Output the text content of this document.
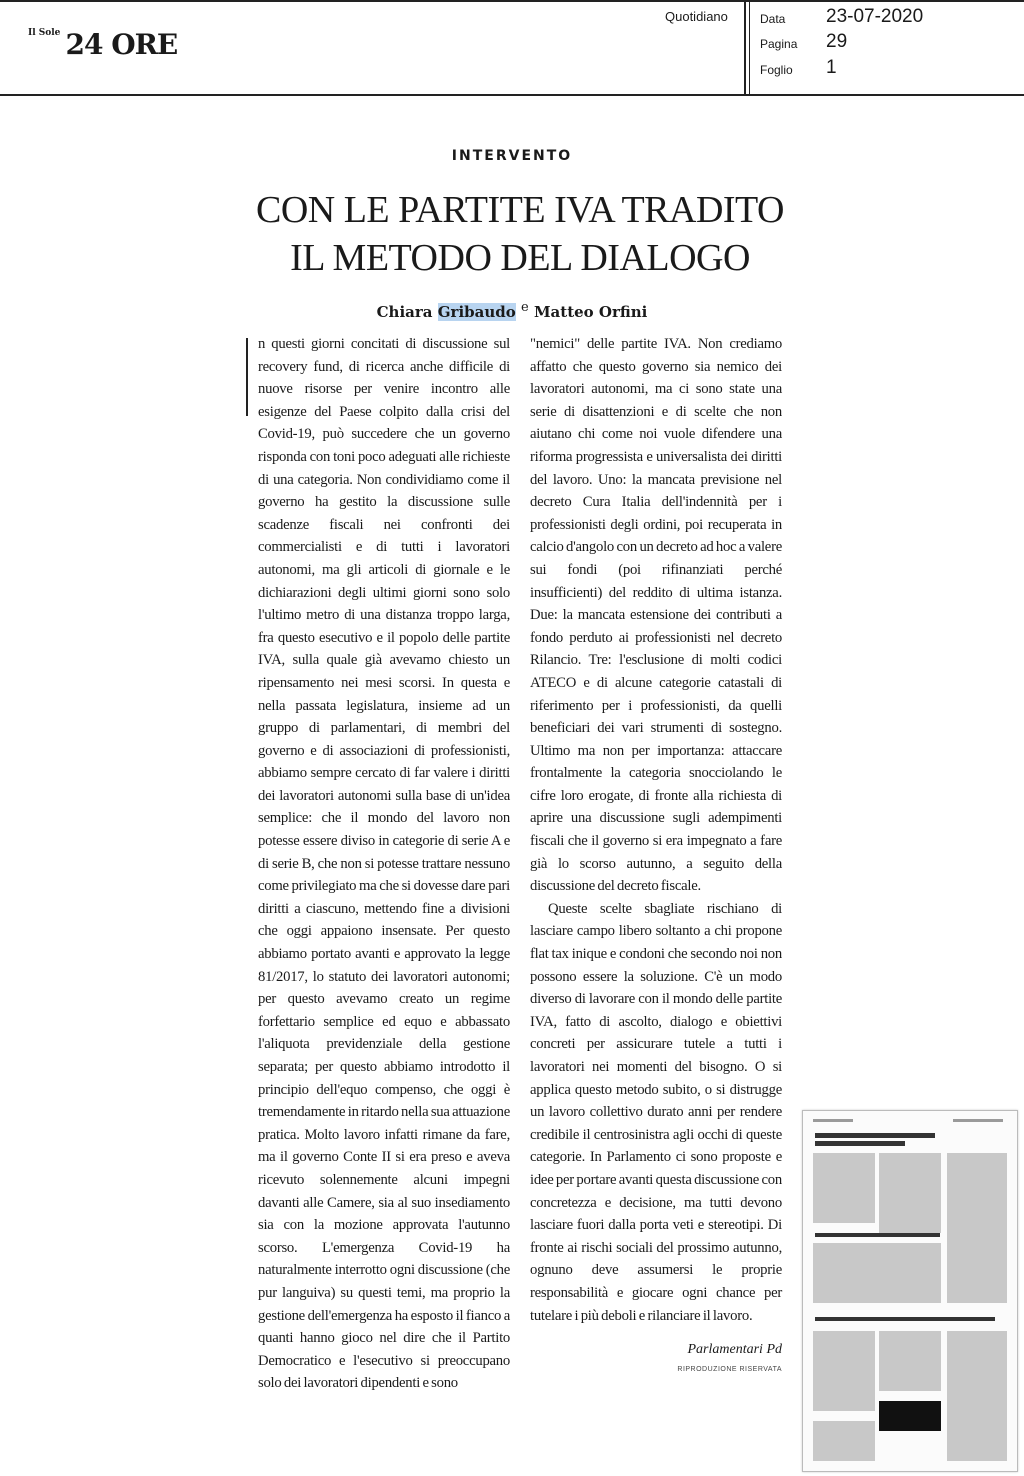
$^{Il Sole}$ 24 ORE
Quotidiano	Data 23-07-2020
Pagina 29
Foglio 1
INTERVENTO
CON LE PARTITE IVA TRADITO
IL METODO DEL DIALOGO
Chiara Gribaudo e Matteo Orfini

n questi giorni concitati di discussione sul recovery fund, di ricerca anche difficile di nuove risorse per venire incontro alle esigenze del Paese colpito dalla crisi del Covid-19, può succedere che un governo risponda con toni poco adeguati alle richieste di una categoria. Non condividiamo come il governo ha gestito la discussione sulle scadenze fiscali nei confronti dei commercialisti e di tutti i lavoratori autonomi, ma gli articoli di giornale e le dichiarazioni degli ultimi giorni sono solo l'ultimo metro di una distanza troppo larga, fra questo esecutivo e il popolo delle partite IVA, sulla quale già avevamo chiesto un ripensamento nei mesi scorsi. In questa e nella passata legislatura, insieme ad un gruppo di parlamentari, di membri del governo e di associazioni di professionisti, abbiamo sempre cercato di far valere i diritti dei lavoratori autonomi sulla base di un'idea semplice: che il mondo del lavoro non potesse essere diviso in categorie di serie A e di serie B, che non si potesse trattare nessuno come privilegiato ma che si dovesse dare pari diritti a ciascuno, mettendo fine a divisioni che oggi appaiono insensate. Per questo abbiamo portato avanti e approvato la legge 81/2017, lo statuto dei lavoratori autonomi; per questo avevamo creato un regime forfettario semplice ed equo e abbassato l'aliquota previdenziale della gestione separata; per questo abbiamo introdotto il principio dell'equo compenso, che oggi è tremendamente in ritardo nella sua attuazione pratica. Molto lavoro infatti rimane da fare, ma il governo Conte II si era preso e aveva ricevuto solennemente alcuni impegni davanti alle Camere, sia al suo insediamento sia con la mozione approvata l'autunno scorso. L'emergenza Covid-19 ha naturalmente interrotto ogni discussione (che pur languiva) su questi temi, ma proprio la gestione dell'emergenza ha esposto il fianco a quanti hanno gioco nel dire che il Partito Democratico e l'esecutivo si preoccupano solo dei lavoratori dipendenti e sono

"nemici" delle partite IVA. Non crediamo affatto che questo governo sia nemico dei lavoratori autonomi, ma ci sono state una serie di disattenzioni e di scelte che non aiutano chi come noi vuole difendere una riforma progressista e universalista dei diritti del lavoro. Uno: la mancata previsione nel decreto Cura Italia dell'indennità per i professionisti degli ordini, poi recuperata in calcio d'angolo con un decreto ad hoc a valere sui fondi (poi rifinanziati perché insufficienti) del reddito di ultima istanza. Due: la mancata estensione dei contributi a fondo perduto ai professionisti nel decreto Rilancio. Tre: l'esclusione di molti codici ATECO e di alcune categorie catastali di riferimento per i professionisti, da quelli beneficiari dei vari strumenti di sostegno. Ultimo ma non per importanza: attaccare frontalmente la categoria snocciolando le cifre loro erogate, di fronte alla richiesta di aprire una discussione sugli adempimenti fiscali che il governo si era impegnato a fare già lo scorso autunno, a seguito della discussione del decreto fiscale.

Queste scelte sbagliate rischiano di lasciare campo libero soltanto a chi propone flat tax inique e condoni che secondo noi non possono essere la soluzione. C'è un modo diverso di lavorare con il mondo delle partite IVA, fatto di ascolto, dialogo e obiettivi concreti per assicurare tutele a tutti i lavoratori nei momenti del bisogno. O si applica questo metodo subito, o si distrugge un lavoro collettivo durato anni per rendere credibile il centrosinistra agli occhi di queste categorie. In Parlamento ci sono proposte e idee per portare avanti questa discussione con concretezza e decisione, ma tutti devono lasciare fuori dalla porta veti e stereotipi. Di fronte ai rischi sociali del prossimo autunno, ognuno deve assumersi le proprie responsabilità e giocare ogni chance per tutelare i più deboli e rilanciare il lavoro.

Parlamentari Pd
RIPRODUZIONE RISERVATA
